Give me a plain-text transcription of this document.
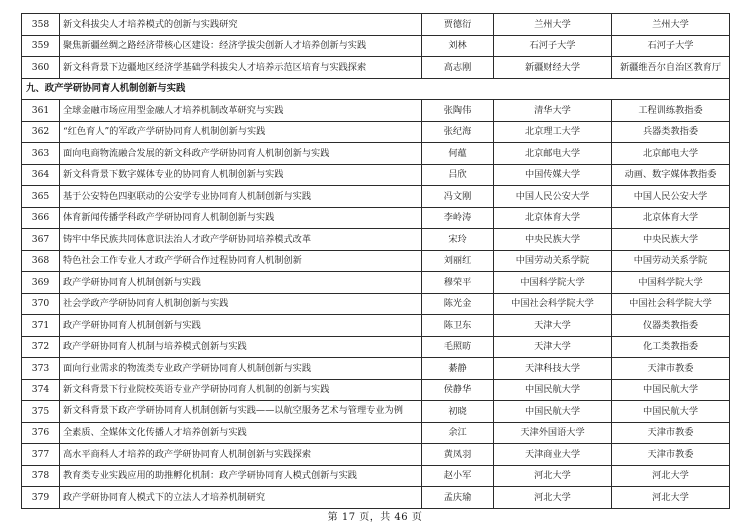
358	新文科拔尖人才培养模式的创新与实践研究	贾德衍	兰州大学	兰州大学
359	聚焦新疆丝绸之路经济带核心区建设：经济学拔尖创新人才培养创新与实践	刘林	石河子大学	石河子大学
360	新文科背景下边疆地区经济学基础学科拔尖人才培养示范区培育与实践探索	高志刚	新疆财经大学	新疆维吾尔自治区教育厅
九、政产学研协同育人机制创新与实践				
361	全球金融市场应用型金融人才培养机制改革研究与实践	张陶伟	清华大学	工程训练教指委
362	“红色育人”的军政产学研协同育人机制创新与实践	张纪海	北京理工大学	兵器类教指委
363	面向电商物流融合发展的新文科政产学研协同育人机制创新与实践	何蕴	北京邮电大学	北京邮电大学
364	新文科背景下数字媒体专业的协同育人机制创新与实践	吕欣	中国传媒大学	动画、数字媒体教指委
365	基于公安特色四驱联动的公安学专业协同育人机制创新与实践	冯文刚	中国人民公安大学	中国人民公安大学
366	体育新闻传播学科政产学研协同育人机制创新与实践	李岭涛	北京体育大学	北京体育大学
367	铸牢中华民族共同体意识法治人才政产学研协同培养模式改革	宋玲	中央民族大学	中央民族大学
368	特色社会工作专业人才政产学研合作过程协同育人机制创新	刘丽红	中国劳动关系学院	中国劳动关系学院
369	政产学研协同育人机制创新与实践	穆荣平	中国科学院大学	中国科学院大学
370	社会学政产学研协同育人机制创新与实践	陈光金	中国社会科学院大学	中国社会科学院大学
371	政产学研协同育人机制创新与实践	陈卫东	天津大学	仪器类教指委
372	政产学研协同育人机制与培养模式创新与实践	毛照昉	天津大学	化工类教指委
373	面向行业需求的物流类专业政产学研协同育人机制创新与实践	綦静	天津科技大学	天津市教委
374	新文科背景下行业院校英语专业产学研协同育人机制的创新与实践	侯静华	中国民航大学	中国民航大学
375	新文科背景下政产学研协同育人机制创新与实践——以航空服务艺术与管理专业为例	初晓	中国民航大学	中国民航大学
376	全素质、全媒体文化传播人才培养创新与实践	余江	天津外国语大学	天津市教委
377	高水平商科人才培养的政产学研协同育人机制创新与实践探索	黄凤羽	天津商业大学	天津市教委
378	教育类专业实践应用的助推孵化机制：政产学研协同育人模式创新与实践	赵小军	河北大学	河北大学
379	政产学研协同育人模式下的立法人才培养机制研究	孟庆瑜	河北大学	河北大学
第 17 页，共 46 页
